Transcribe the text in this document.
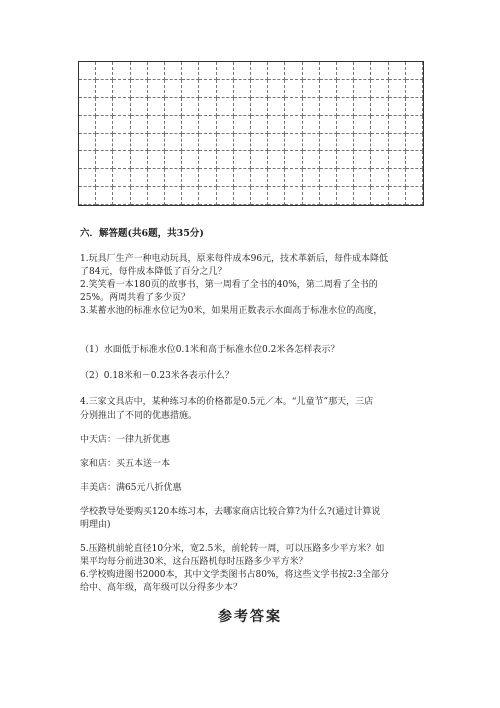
六．解答题(共6题，共35分)
1.玩具厂生产一种电动玩具，原来每件成本96元，技术革新后，每件成本降低
了84元，每件成本降低了百分之几？
2.笑笑看一本180页的故事书，第一周看了全书的40%，第二周看了全书的
25%。两周共看了多少页？
3.某蓄水池的标准水位记为0米，如果用正数表示水面高于标准水位的高度，
（1）水面低于标准水位0.1米和高于标准水位0.2米各怎样表示？
（2）0.18米和－0.23米各表示什么？
4.三家文具店中，某种练习本的价格都是0.5元／本。“儿童节”那天，三店
分别推出了不同的优惠措施。
中天店：一律九折优惠
家和店：买五本送一本
丰美店：满65元八折优惠
学校教导处要购买120本练习本，去哪家商店比较合算?为什么?(通过计算说
明理由)
5.压路机前轮直径10分米，宽2.5米，前轮转一周，可以压路多少平方米？如
果平均每分前进30米，这台压路机每时压路多少平方米？
6.学校购进图书2000本，其中文学类图书占80%，将这些文学书按2:3全部分
给中、高年级，高年级可以分得多少本？
参考答案
